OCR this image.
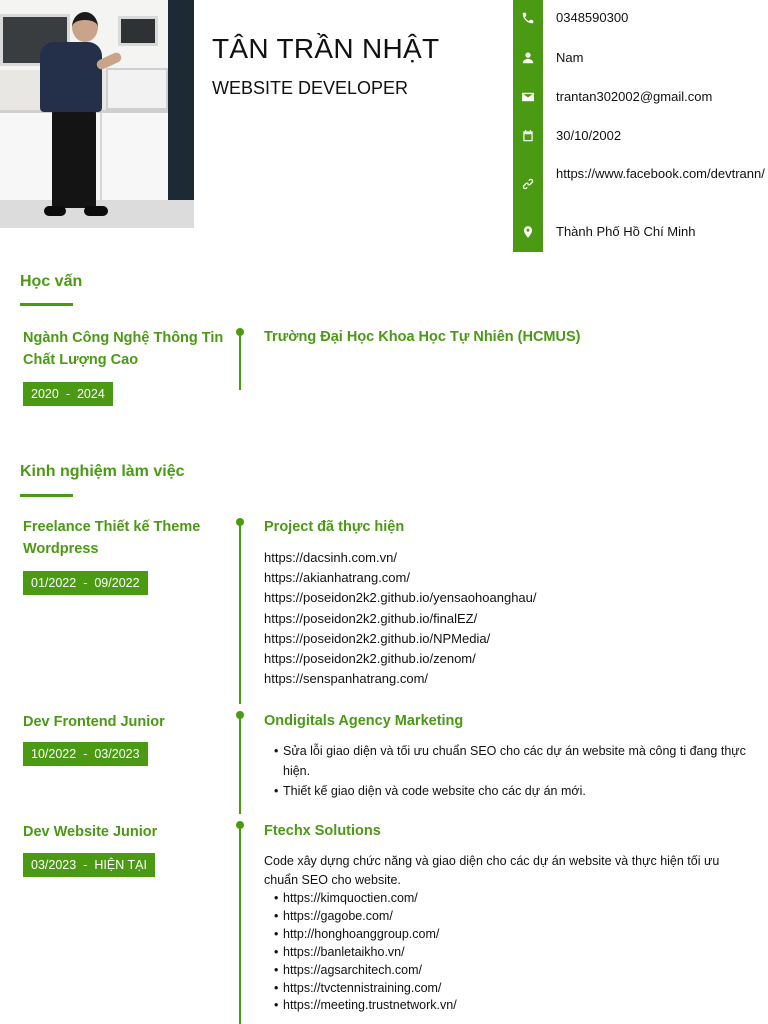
TÂN TRẦN NHẬT
WEBSITE DEVELOPER
0348590300
Nam
trantan302002@gmail.com
30/10/2002
https://www.facebook.com/devtrann/
Thành Phố Hồ Chí Minh
Học vấn
Ngành Công Nghệ Thông Tin Chất Lượng Cao
2020 - 2024
Trường Đại Học Khoa Học Tự Nhiên (HCMUS)
Kinh nghiệm làm việc
Freelance Thiết kế Theme Wordpress
01/2022 - 09/2022
Project đã thực hiện
https://dacsinh.com.vn/
https://akianhatrang.com/
https://poseidon2k2.github.io/yensaohoanghau/
https://poseidon2k2.github.io/finalEZ/
https://poseidon2k2.github.io/NPMedia/
https://poseidon2k2.github.io/zenom/
https://senspanhatrang.com/
Dev Frontend Junior
10/2022 - 03/2023
Ondigitals Agency Marketing
• Sửa lỗi giao diện và tối ưu chuẩn SEO cho các dự án website mà công ti đang thực hiện.
• Thiết kế giao diện và code website cho các dự án mới.
Dev Website Junior
03/2023 - HIỆN TẠI
Ftechx Solutions
Code xây dựng chức năng và giao diện cho các dự án website và thực hiện tối ưu chuẩn SEO cho website.
• https://kimquoctien.com/
• https://gagobe.com/
• http://honghoanggroup.com/
• https://banletaikho.vn/
• https://agsarchitech.com/
• https://tvctennistraining.com/
• https://meeting.trustnetwork.vn/
